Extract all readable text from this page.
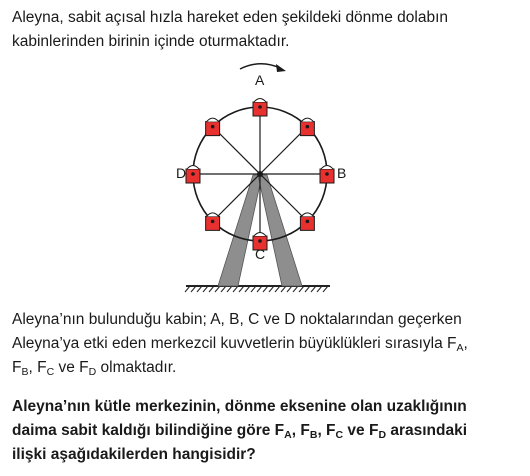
Aleyna, sabit açısal hızla hareket eden şekildeki dönme dolabın
kabinlerinden birinin içinde oturmaktadır.

A
B
C
D

Aleyna’nın bulunduğu kabin; A, B, C ve D noktalarından geçerken
Aleyna’ya etki eden merkezcil kuvvetlerin büyüklükleri sırasıyla $F_A$,
$F_B$, $F_C$ ve $F_D$ olmaktadır.

Aleyna’nın kütle merkezinin, dönme eksenine olan uzaklığının
daima sabit kaldığı bilindiğine göre $F_A$, $F_B$, $F_C$ ve $F_D$ arasındaki
ilişki aşağıdakilerden hangisidir?
